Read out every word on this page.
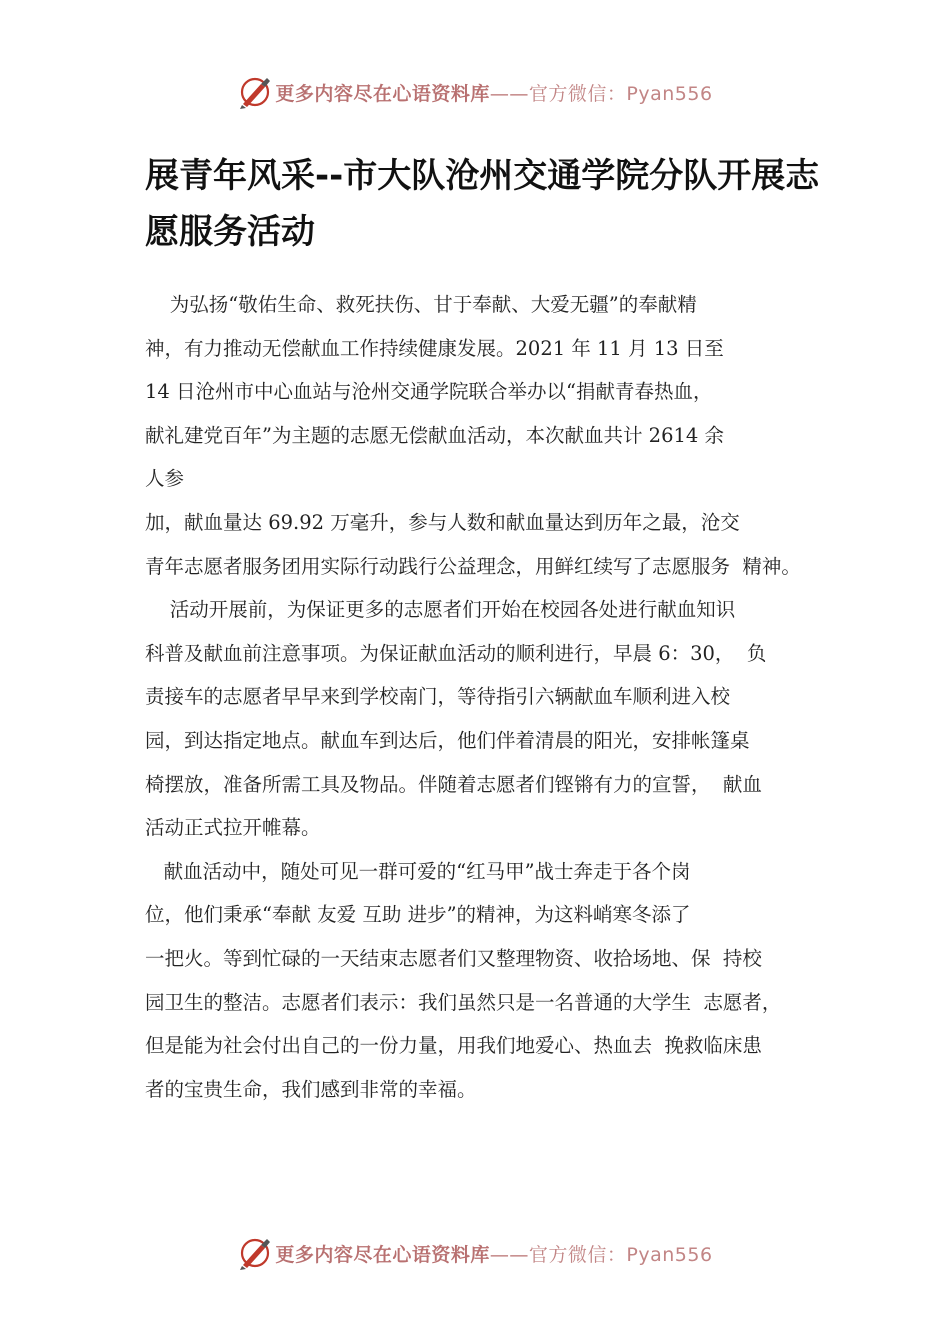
更多内容尽在心语资料库——官方微信：Pyan556
展青年风采--市大队沧州交通学院分队开展志
愿服务活动
为弘扬“敬佑生命、救死扶伤、甘于奉献、大爱无疆”的奉献精
神，有力推动无偿献血工作持续健康发展。2021 年 11 月 13 日至
14 日沧州市中心血站与沧州交通学院联合举办以“捐献青春热血，
献礼建党百年”为主题的志愿无偿献血活动，本次献血共计 2614 余
人参
加，献血量达 69.92 万毫升，参与人数和献血量达到历年之最，沧交
青年志愿者服务团用实际行动践行公益理念，用鲜红续写了志愿服务  精神。
活动开展前，为保证更多的志愿者们开始在校园各处进行献血知识
科普及献血前注意事项。为保证献血活动的顺利进行，早晨 6：30，  负
责接车的志愿者早早来到学校南门，等待指引六辆献血车顺利进入校
园，到达指定地点。献血车到达后，他们伴着清晨的阳光，安排帐篷桌
椅摆放，准备所需工具及物品。伴随着志愿者们铿锵有力的宣誓，  献血
活动正式拉开帷幕。
献血活动中，随处可见一群可爱的“红马甲”战士奔走于各个岗
位，他们秉承“奉献 友爱 互助 进步”的精神，为这料峭寒冬添了
一把火。等到忙碌的一天结束志愿者们又整理物资、收拾场地、保  持校
园卫生的整洁。志愿者们表示：我们虽然只是一名普通的大学生  志愿者，
但是能为社会付出自己的一份力量，用我们地爱心、热血去  挽救临床患
者的宝贵生命，我们感到非常的幸福。
更多内容尽在心语资料库——官方微信：Pyan556
